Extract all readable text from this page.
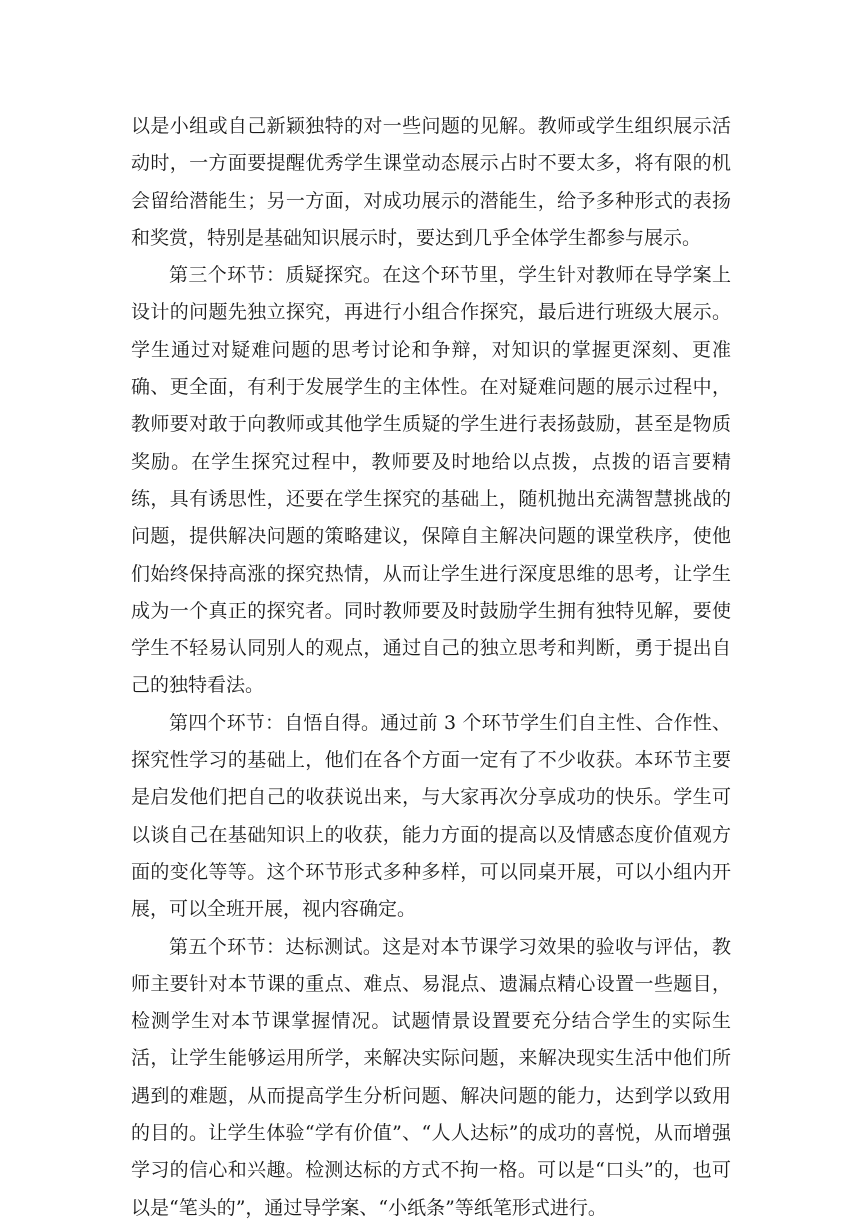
以是小组或自己新颖独特的对一些问题的见解。教师或学生组织展示活动时，一方面要提醒优秀学生课堂动态展示占时不要太多，将有限的机会留给潜能生；另一方面，对成功展示的潜能生，给予多种形式的表扬和奖赏，特别是基础知识展示时，要达到几乎全体学生都参与展示。

第三个环节：质疑探究。在这个环节里，学生针对教师在导学案上设计的问题先独立探究，再进行小组合作探究，最后进行班级大展示。学生通过对疑难问题的思考讨论和争辩，对知识的掌握更深刻、更准确、更全面，有利于发展学生的主体性。在对疑难问题的展示过程中，教师要对敢于向教师或其他学生质疑的学生进行表扬鼓励，甚至是物质奖励。在学生探究过程中，教师要及时地给以点拨，点拨的语言要精练，具有诱思性，还要在学生探究的基础上，随机抛出充满智慧挑战的问题，提供解决问题的策略建议，保障自主解决问题的课堂秩序，使他们始终保持高涨的探究热情，从而让学生进行深度思维的思考，让学生成为一个真正的探究者。同时教师要及时鼓励学生拥有独特见解，要使学生不轻易认同别人的观点，通过自己的独立思考和判断，勇于提出自己的独特看法。

第四个环节：自悟自得。通过前 3 个环节学生们自主性、合作性、探究性学习的基础上，他们在各个方面一定有了不少收获。本环节主要是启发他们把自己的收获说出来，与大家再次分享成功的快乐。学生可以谈自己在基础知识上的收获，能力方面的提高以及情感态度价值观方面的变化等等。这个环节形式多种多样，可以同桌开展，可以小组内开展，可以全班开展，视内容确定。

第五个环节：达标测试。这是对本节课学习效果的验收与评估，教师主要针对本节课的重点、难点、易混点、遗漏点精心设置一些题目，检测学生对本节课掌握情况。试题情景设置要充分结合学生的实际生活，让学生能够运用所学，来解决实际问题，来解决现实生活中他们所遇到的难题，从而提高学生分析问题、解决问题的能力，达到学以致用的目的。让学生体验“学有价值”、“人人达标”的成功的喜悦，从而增强学习的信心和兴趣。检测达标的方式不拘一格。可以是“口头”的，也可以是“笔头的”，通过导学案、“小纸条”等纸笔形式进行。
